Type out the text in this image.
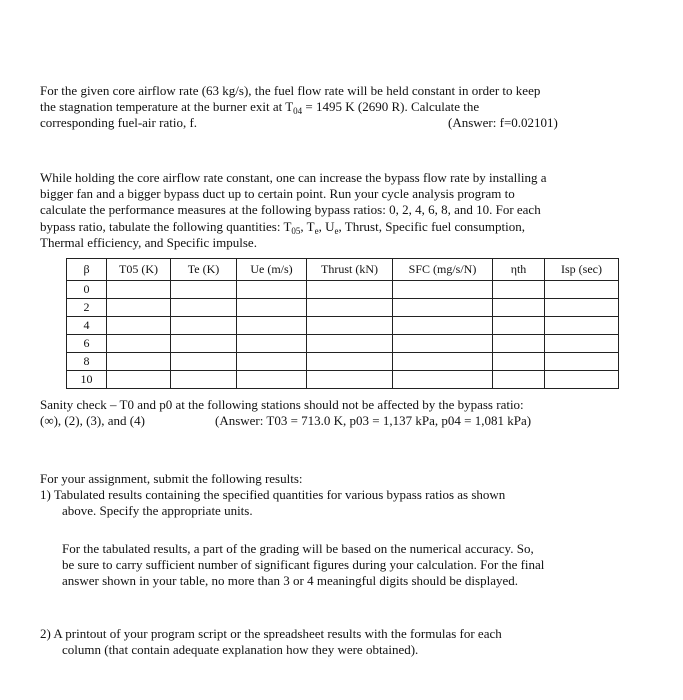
For the given core airflow rate (63 kg/s), the fuel flow rate will be held constant in order to keep
the stagnation temperature at the burner exit at $T_{04} = 1495$ K (2690 R). Calculate the
corresponding fuel-air ratio, f.	(Answer: f=0.02101)
While holding the core airflow rate constant, one can increase the bypass flow rate by installing a
bigger fan and a bigger bypass duct up to certain point. Run your cycle analysis program to
calculate the performance measures at the following bypass ratios: 0, 2, 4, 6, 8, and 10. For each
bypass ratio, tabulate the following quantities: $T_{05}$, $T_e$, $U_e$, Thrust, Specific fuel consumption,
Thermal efficiency, and Specific impulse.
β	T05 (K)	Te (K)	Ue (m/s)	Thrust (kN)	SFC (mg/s/N)	ηth	Isp (sec)
0							
2							
4							
6							
8							
10							
Sanity check – T0 and p0 at the following stations should not be affected by the bypass ratio:
(∞), (2), (3), and (4)	(Answer: T03 = 713.0 K, p03 = 1,137 kPa, p04 = 1,081 kPa)
For your assignment, submit the following results:
1) Tabulated results containing the specified quantities for various bypass ratios as shown
above. Specify the appropriate units.
For the tabulated results, a part of the grading will be based on the numerical accuracy. So,
be sure to carry sufficient number of significant figures during your calculation. For the final
answer shown in your table, no more than 3 or 4 meaningful digits should be displayed.
2) A printout of your program script or the spreadsheet results with the formulas for each
column (that contain adequate explanation how they were obtained).
